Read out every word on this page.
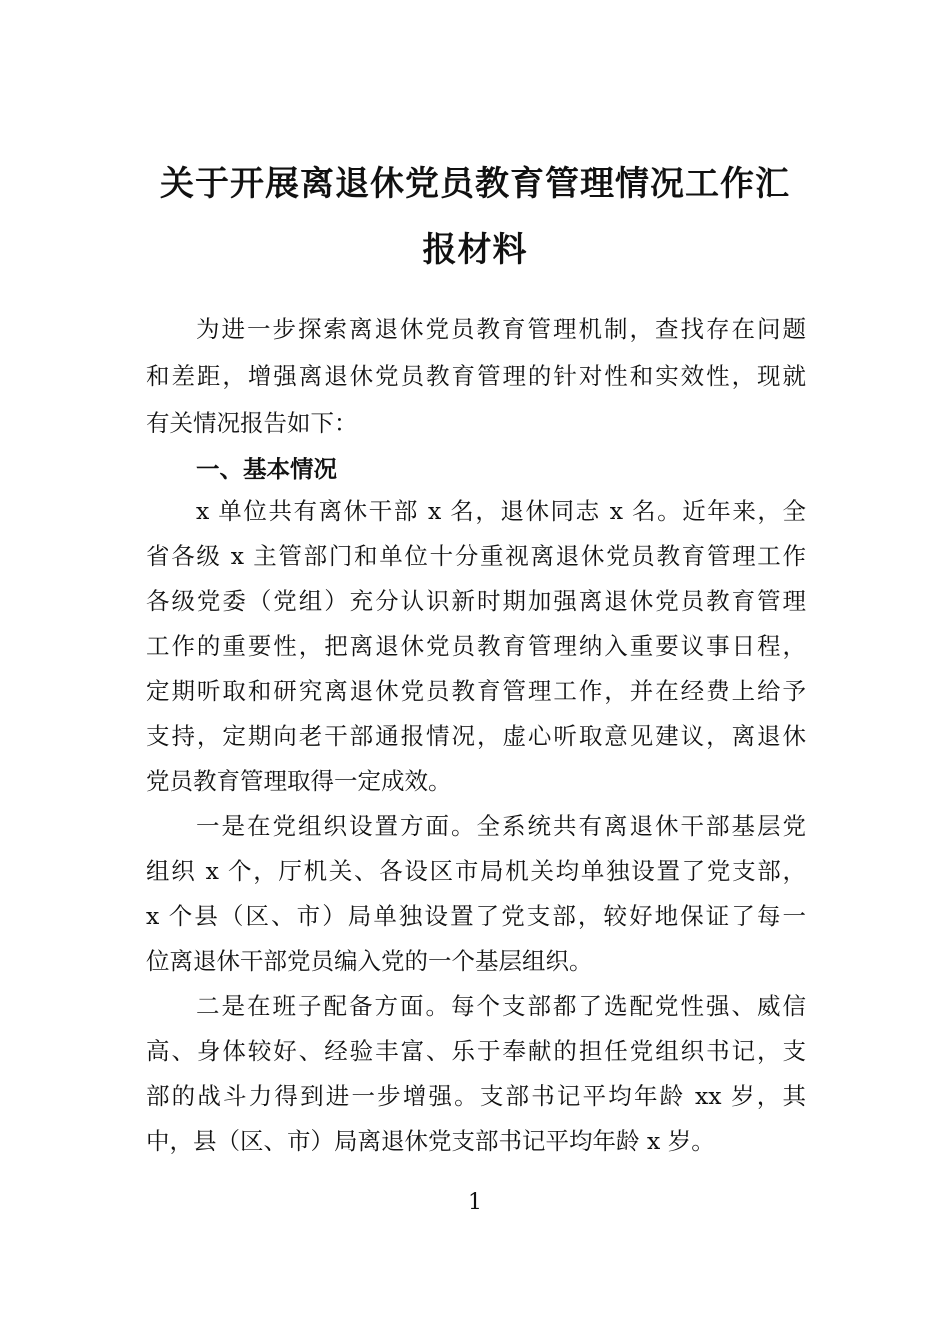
关于开展离退休党员教育管理情况工作汇
报材料

为进一步探索离退休党员教育管理机制，查找存在问题

和差距，增强离退休党员教育管理的针对性和实效性，现就

有关情况报告如下：

一、基本情况

x 单位共有离休干部 x 名，退休同志 x 名。近年来，全

省各级 x 主管部门和单位十分重视离退休党员教育管理工作

各级党委（党组）充分认识新时期加强离退休党员教育管理

工作的重要性，把离退休党员教育管理纳入重要议事日程，

定期听取和研究离退休党员教育管理工作，并在经费上给予

支持，定期向老干部通报情况，虚心听取意见建议，离退休

党员教育管理取得一定成效。

一是在党组织设置方面。全系统共有离退休干部基层党

组织 x 个，厅机关、各设区市局机关均单独设置了党支部，

x 个县（区、市）局单独设置了党支部，较好地保证了每一

位离退休干部党员编入党的一个基层组织。

二是在班子配备方面。每个支部都了选配党性强、威信

高、身体较好、经验丰富、乐于奉献的担任党组织书记，支

部的战斗力得到进一步增强。支部书记平均年龄 xx 岁，其

中，县（区、市）局离退休党支部书记平均年龄 x 岁。

1
